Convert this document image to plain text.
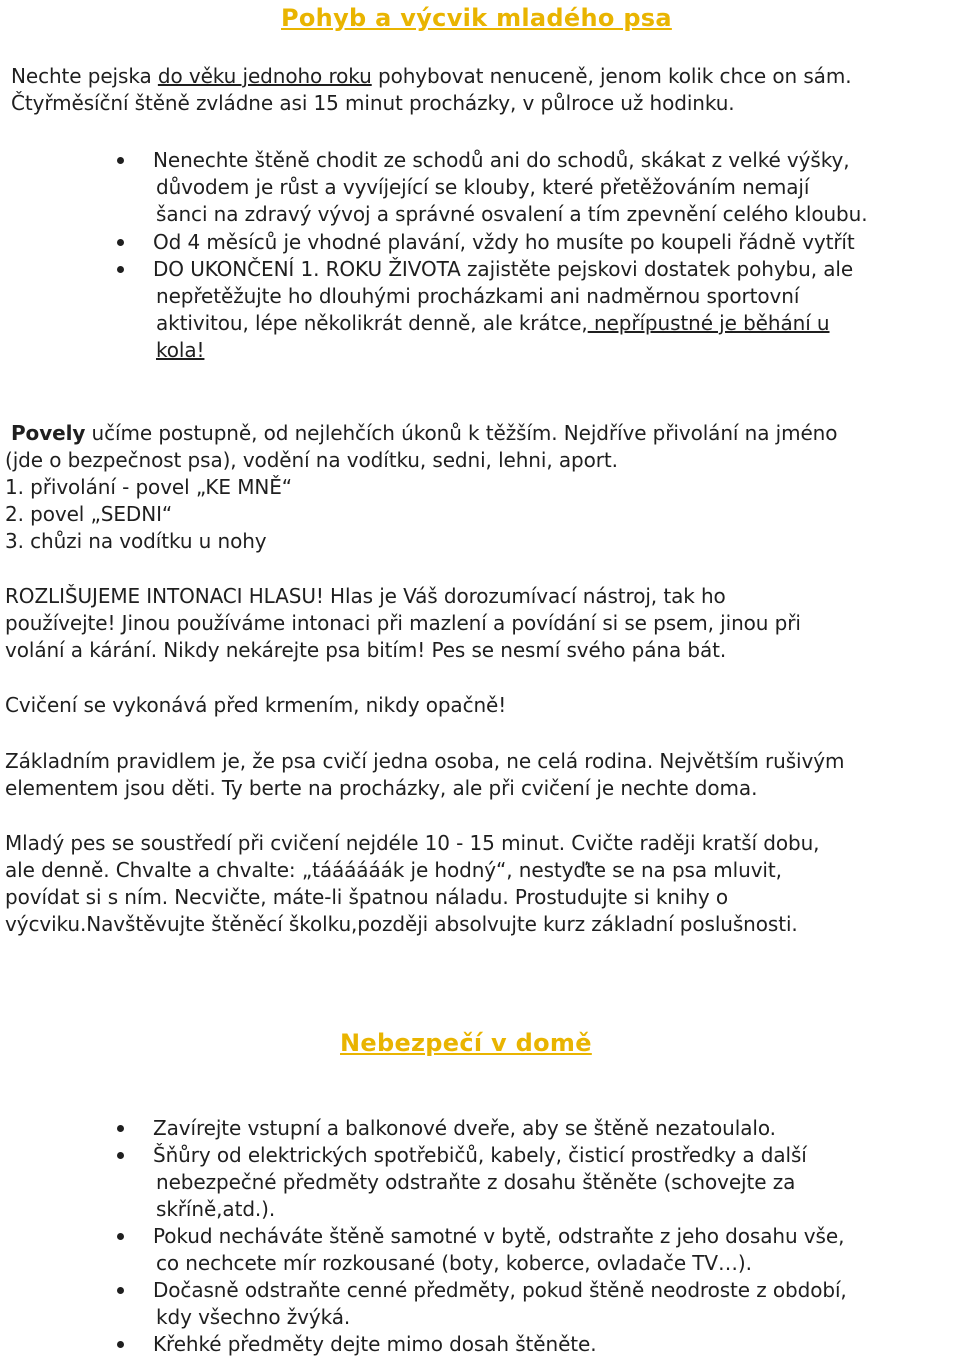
Pohyb a výcvik mladého psa
Nechte pejska do věku jednoho roku pohybovat nenuceně, jenom kolik chce on sám.
Čtyřměsíční štěně zvládne asi 15 minut procházky, v půlroce už hodinku.
Nenechte štěně chodit ze schodů ani do schodů, skákat z velké výšky,
důvodem je růst a vyvíjející se klouby, které přetěžováním nemají
šanci na zdravý vývoj a správné osvalení a tím zpevnění celého kloubu.
Od 4 měsíců je vhodné plavání, vždy ho musíte po koupeli řádně vytřít
DO UKONČENÍ 1. ROKU ŽIVOTA zajistěte pejskovi dostatek pohybu, ale
nepřetěžujte ho dlouhými procházkami ani nadměrnou sportovní
aktivitou, lépe několikrát denně, ale krátce, nepřípustné je běhání u
kola!
Povely učíme postupně, od nejlehčích úkonů k těžším. Nejdříve přivolání na jméno
(jde o bezpečnost psa), vodění na vodítku, sedni, lehni, aport.
1. přivolání - povel „KE MNĚ“
2. povel „SEDNI“
3. chůzi na vodítku u nohy
ROZLIŠUJEME INTONACI HLASU! Hlas je Váš dorozumívací nástroj, tak ho
používejte! Jinou používáme intonaci při mazlení a povídání si se psem, jinou při
volání a kárání. Nikdy nekárejte psa bitím! Pes se nesmí svého pána bát.
Cvičení se vykonává před krmením, nikdy opačně!
Základním pravidlem je, že psa cvičí jedna osoba, ne celá rodina. Největším rušivým
elementem jsou děti. Ty berte na procházky, ale při cvičení je nechte doma.
Mladý pes se soustředí při cvičení nejdéle 10 - 15 minut. Cvičte raději kratší dobu,
ale denně. Chvalte a chvalte: „táááááák je hodný“, nestyďte se na psa mluvit,
povídat si s ním. Necvičte, máte-li špatnou náladu. Prostudujte si knihy o
výcviku.Navštěvujte štěněcí školku,později absolvujte kurz základní poslušnosti.
Nebezpečí v domě
Zavírejte vstupní a balkonové dveře, aby se štěně nezatoulalo.
Šňůry od elektrických spotřebičů, kabely, čisticí prostředky a další
nebezpečné předměty odstraňte z dosahu štěněte (schovejte za
skříně,atd.).
Pokud necháváte štěně samotné v bytě, odstraňte z jeho dosahu vše,
co nechcete mír rozkousané (boty, koberce, ovladače TV…).
Dočasně odstraňte cenné předměty, pokud štěně neodroste z období,
kdy všechno žvýká.
Křehké předměty dejte mimo dosah štěněte.
